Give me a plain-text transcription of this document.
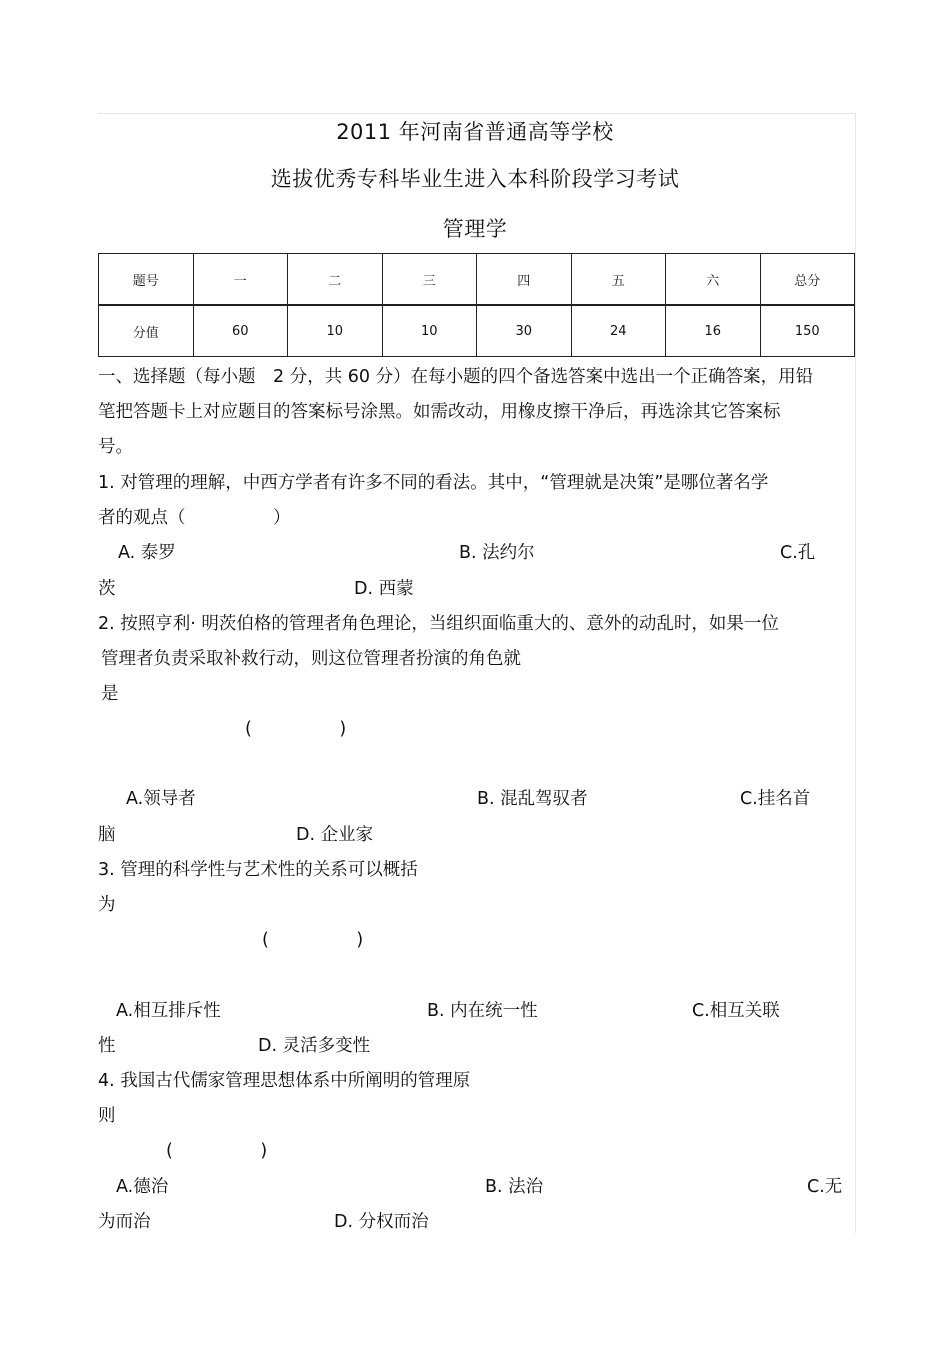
2011 年河南省普通高等学校
选拔优秀专科毕业生进入本科阶段学习考试
管理学
题号	一	二	三	四	五	六	总分
分值	60	10	10	30	24	16	150
一、选择题（每小题　2 分，共 60 分）在每小题的四个备选答案中选出一个正确答案，用铅
笔把答题卡上对应题目的答案标号涂黑。如需改动，用橡皮擦干净后，再选涂其它答案标
号。
1. 对管理的理解，中西方学者有许多不同的看法。其中，“管理就是决策”是哪位著名学
者的观点（　　　　　）
A. 泰罗	B. 法约尔	C.孔
茨	D. 西蒙
2. 按照亨利· 明茨伯格的管理者角色理论，当组织面临重大的、意外的动乱时，如果一位
管理者负责采取补救行动，则这位管理者扮演的角色就
是
(　　　　　)
A.领导者	B. 混乱驾驭者	C.挂名首
脑	D. 企业家
3. 管理的科学性与艺术性的关系可以概括
为
(　　　　　)
A.相互排斥性	B. 内在统一性	C.相互关联
性	D. 灵活多变性
4. 我国古代儒家管理思想体系中所阐明的管理原
则
(　　　　　)
A.德治	B. 法治	C.无
为而治	D. 分权而治
